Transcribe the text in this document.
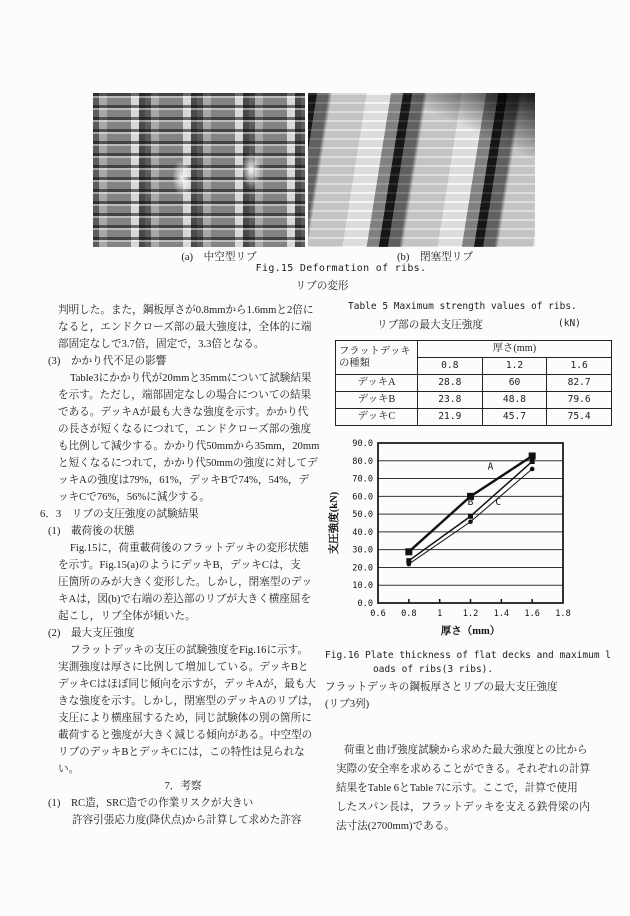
(a)　中空型リブ	(b)　閉塞型リブ
Fig.15 Deformation of ribs.
リブの変形
判明した。また，鋼板厚さが0.8mmから1.6mmと2倍に
なると，エンドクローズ部の最大強度は，全体的に端
部固定なしで3.7倍，固定で，3.3倍となる。
(3)　かかり代不足の影響
Table3にかかり代が20mmと35mmについて試験結果
を示す。ただし，端部固定なしの場合についての結果
である。デッキAが最も大きな強度を示す。かかり代
の長さが短くなるにつれて，エンドクローズ部の強度
も比例して減少する。かかり代50mmから35mm，20mm
と短くなるにつれて，かかり代50mmの強度に対してデ
ッキAの強度は79%，61%，デッキBで74%，54%，デ
ッキCで76%，56%に減少する。
6．3　リブの支圧強度の試験結果
(1)　載荷後の状態
Fig.15に，荷重載荷後のフラットデッキの変形状態
を示す。Fig.15(a)のようにデッキB，デッキCは，支
圧箇所のみが大きく変形した。しかし，閉塞型のデッ
キAは，図(b)で右端の差込部のリブが大きく横座屈を
起こし，リブ全体が傾いた。
(2)　最大支圧強度
フラットデッキの支圧の試験強度をFig.16に示す。
実測強度は厚さに比例して増加している。デッキBと
デッキCはほぼ同じ傾向を示すが，デッキAが，最も大
きな強度を示す。しかし，閉塞型のデッキAのリブは，
支圧により横座屈するため，同じ試験体の別の箇所に
載荷すると強度が大きく減じる傾向がある。中空型の
リブのデッキBとデッキCには，この特性は見られな
い。
7．考察
(1)　RC造，SRC造での作業リスクが大きい
許容引張応力度(降伏点)から計算して求めた許容
Table 5 Maximum strength values of ribs.
リブ部の最大支圧強度	(kN)
フラットデッキ
の種類	厚さ(mm)		
	0.8	1.2	1.6
デッキA	28.8	60	82.7
デッキB	23.8	48.8	79.6
デッキC	21.9	45.7	75.4
0.0
10.0
20.0
30.0
40.0
50.0
60.0
70.0
80.0
90.0
0.6 0.8 1 1.2 1.4 1.6 1.8
A
B C
厚さ（mm）
支圧強度(kN)
Fig.16 Plate thickness of flat decks and maximum l
oads of ribs(3 ribs).
フラットデッキの鋼板厚さとリブの最大支圧強度
(リブ3列)
荷重と曲げ強度試験から求めた最大強度との比から
実際の安全率を求めることができる。それぞれの計算
結果をTable 6とTable 7に示す。ここで，計算で使用
したスパン長は，フラットデッキを支える鉄骨梁の内
法寸法(2700mm)である。
